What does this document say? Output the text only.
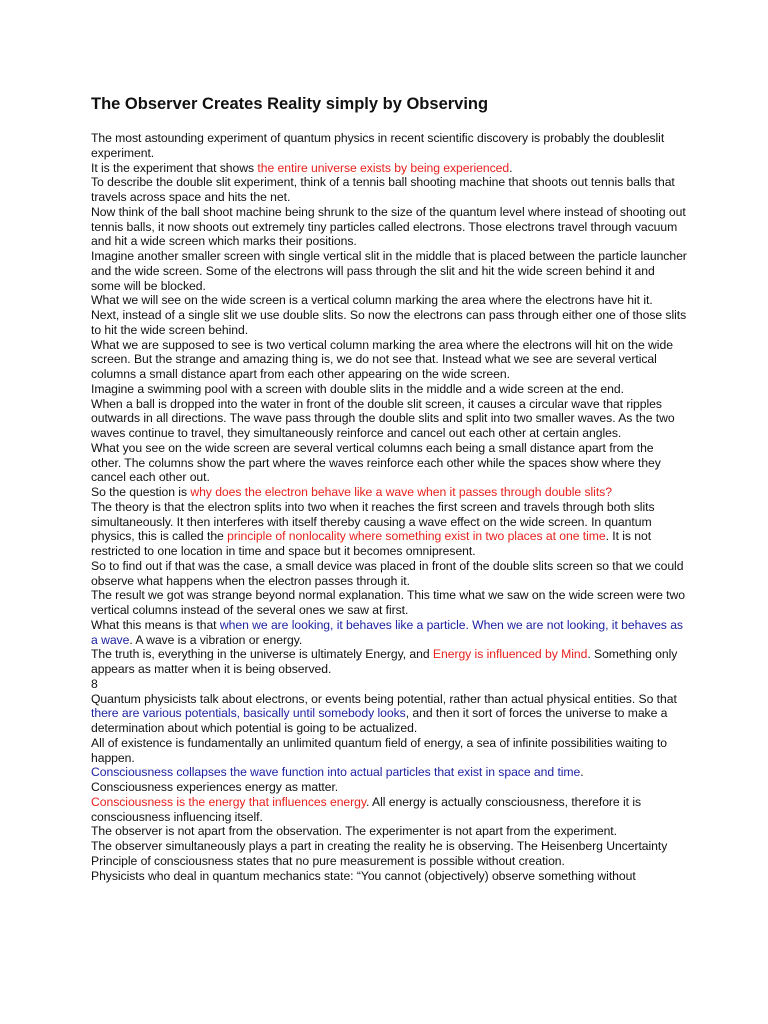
The Observer Creates Reality simply by Observing

The most astounding experiment of quantum physics in recent scientific discovery is probably the doubleslit

experiment.

It is the experiment that shows the entire universe exists by being experienced.

To describe the double slit experiment, think of a tennis ball shooting machine that shoots out tennis balls that travels across space and hits the net.

Now think of the ball shoot machine being shrunk to the size of the quantum level where instead of shooting out tennis balls, it now shoots out extremely tiny particles called electrons. Those electrons travel through vacuum and hit a wide screen which marks their positions.

Imagine another smaller screen with single vertical slit in the middle that is placed between the particle launcher and the wide screen. Some of the electrons will pass through the slit and hit the wide screen behind it and some will be blocked.

What we will see on the wide screen is a vertical column marking the area where the electrons have hit it.

Next, instead of a single slit we use double slits. So now the electrons can pass through either one of those slits to hit the wide screen behind.

What we are supposed to see is two vertical column marking the area where the electrons will hit on the wide screen. But the strange and amazing thing is, we do not see that. Instead what we see are several vertical columns a small distance apart from each other appearing on the wide screen.

Imagine a swimming pool with a screen with double slits in the middle and a wide screen at the end.

When a ball is dropped into the water in front of the double slit screen, it causes a circular wave that ripples outwards in all directions. The wave pass through the double slits and split into two smaller waves. As the two waves continue to travel, they simultaneously reinforce and cancel out each other at certain angles.

What you see on the wide screen are several vertical columns each being a small distance apart from the other. The columns show the part where the waves reinforce each other while the spaces show where they cancel each other out.

So the question is why does the electron behave like a wave when it passes through double slits?

The theory is that the electron splits into two when it reaches the first screen and travels through both slits simultaneously. It then interferes with itself thereby causing a wave effect on the wide screen. In quantum physics, this is called the principle of nonlocality where something exist in two places at one time. It is not restricted to one location in time and space but it becomes omnipresent.

So to find out if that was the case, a small device was placed in front of the double slits screen so that we could observe what happens when the electron passes through it.

The result we got was strange beyond normal explanation. This time what we saw on the wide screen were two vertical columns instead of the several ones we saw at first.

What this means is that when we are looking, it behaves like a particle. When we are not looking, it behaves as a wave. A wave is a vibration or energy.

The truth is, everything in the universe is ultimately Energy, and Energy is influenced by Mind. Something only appears as matter when it is being observed.

8

Quantum physicists talk about electrons, or events being potential, rather than actual physical entities. So that there are various potentials, basically until somebody looks, and then it sort of forces the universe to make a determination about which potential is going to be actualized.

All of existence is fundamentally an unlimited quantum field of energy, a sea of infinite possibilities waiting to happen.

Consciousness collapses the wave function into actual particles that exist in space and time.

Consciousness experiences energy as matter.

Consciousness is the energy that influences energy. All energy is actually consciousness, therefore it is consciousness influencing itself.

The observer is not apart from the observation. The experimenter is not apart from the experiment.

The observer simultaneously plays a part in creating the reality he is observing. The Heisenberg Uncertainty Principle of consciousness states that no pure measurement is possible without creation.

Physicists who deal in quantum mechanics state: “You cannot (objectively) observe something without
